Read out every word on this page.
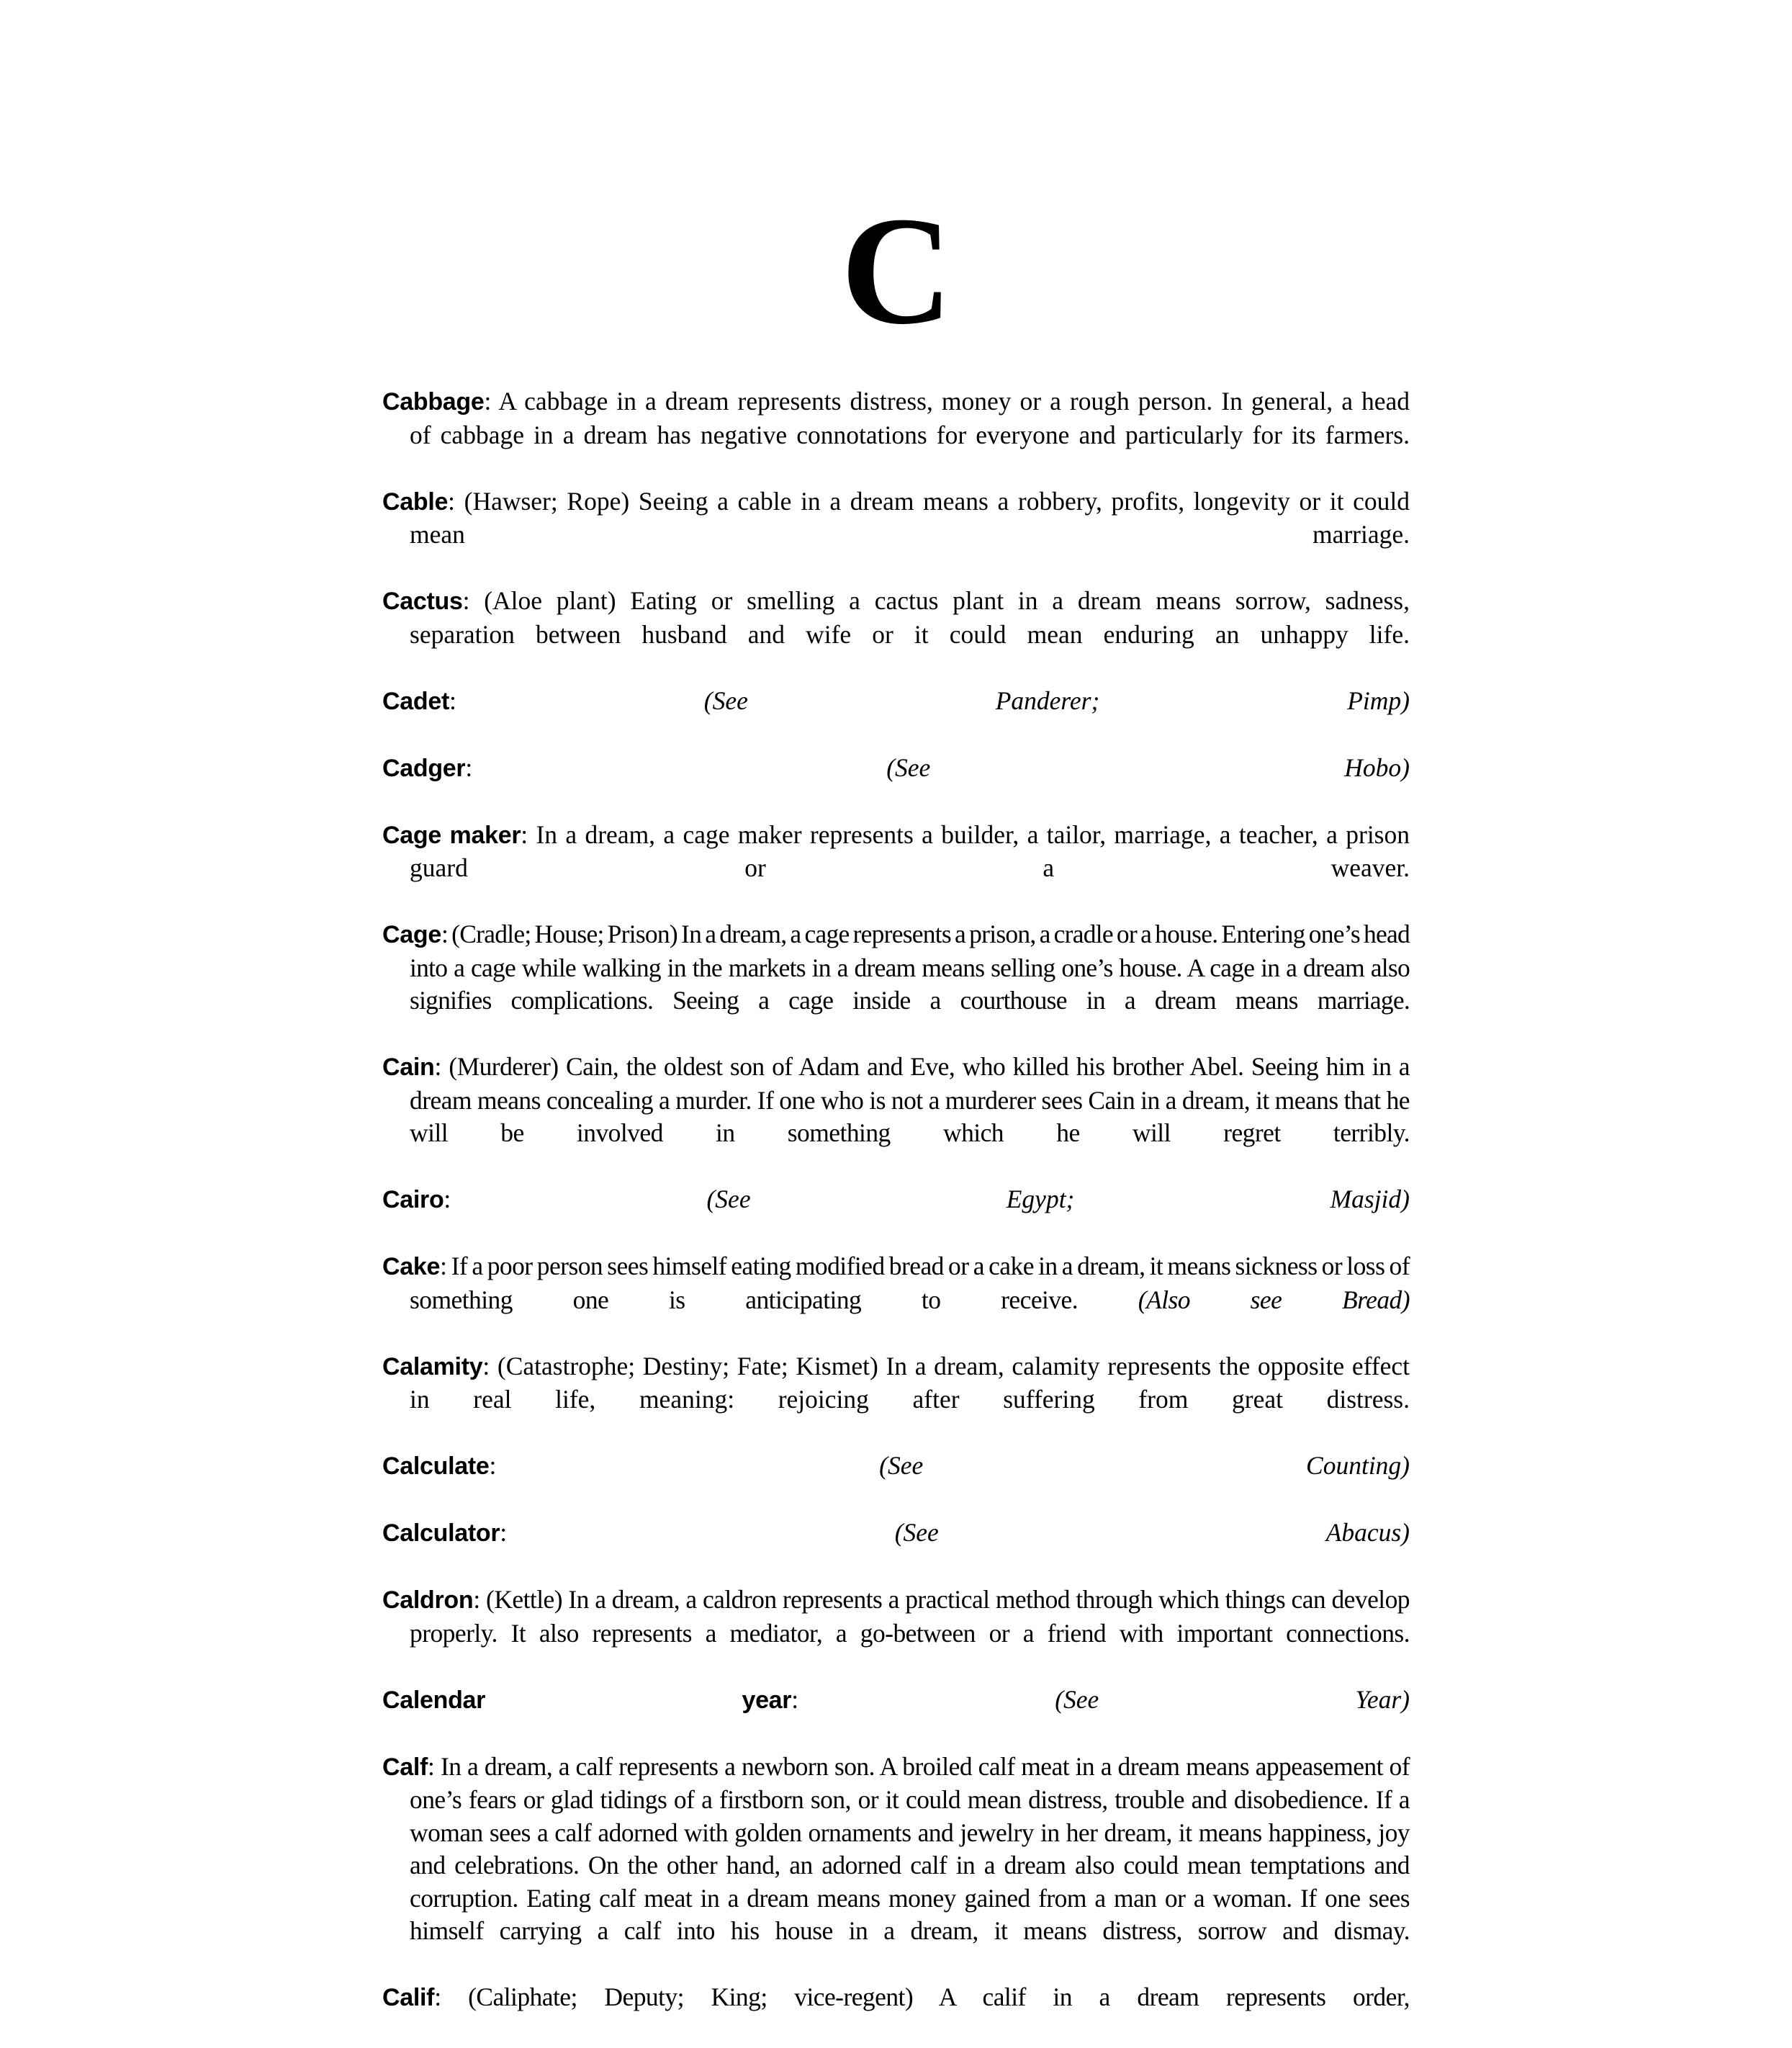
C

Cabbage: A cabbage in a dream represents distress, money or a rough person. In general, a head of cabbage in a dream has negative connotations for everyone and particularly for its farmers.

Cable: (Hawser; Rope) Seeing a cable in a dream means a robbery, profits, longevity or it could mean marriage.

Cactus: (Aloe plant) Eating or smelling a cactus plant in a dream means sorrow, sadness, separation between husband and wife or it could mean enduring an unhappy life.

Cadet:	(See Panderer; Pimp)

Cadger:	(See Hobo)

Cage maker: In a dream, a cage maker represents a builder, a tailor, marriage, a teacher, a prison guard or a weaver.

Cage: (Cradle; House; Prison) In a dream, a cage represents a prison, a cradle or a house. Entering one’s head into a cage while walking in the markets in a dream means selling one’s house. A cage in a dream also signifies complications. Seeing a cage inside a courthouse in a dream means marriage.

Cain: (Murderer) Cain, the oldest son of Adam and Eve, who killed his brother Abel. Seeing him in a dream means concealing a murder. If one who is not a murderer sees Cain in a dream, it means that he will be involved in something which he will regret terribly.

Cairo:	(See Egypt; Masjid)

Cake: If a poor person sees himself eating modified bread or a cake in a dream, it means sickness or loss of something one is anticipating to receive. (Also see Bread)

Calamity: (Catastrophe; Destiny; Fate; Kismet) In a dream, calamity represents the opposite effect in real life, meaning: rejoicing after suffering from great distress.

Calculate:	(See Counting)

Calculator:	(See Abacus)

Caldron: (Kettle) In a dream, a caldron represents a practical method through which things can develop properly. It also represents a mediator, a go-between or a friend with important connections.

Calendar year:	(See Year)

Calf: In a dream, a calf represents a newborn son. A broiled calf meat in a dream means appeasement of one’s fears or glad tidings of a firstborn son, or it could mean distress, trouble and disobedience. If a woman sees a calf adorned with golden ornaments and jewelry in her dream, it means happiness, joy and celebrations. On the other hand, an adorned calf in a dream also could mean temptations and corruption. Eating calf meat in a dream means money gained from a man or a woman. If one sees himself carrying a calf into his house in a dream, it means distress, sorrow and dismay.

Calif: (Caliphate; Deputy; King; vice-regent) A calif in a dream represents order,
